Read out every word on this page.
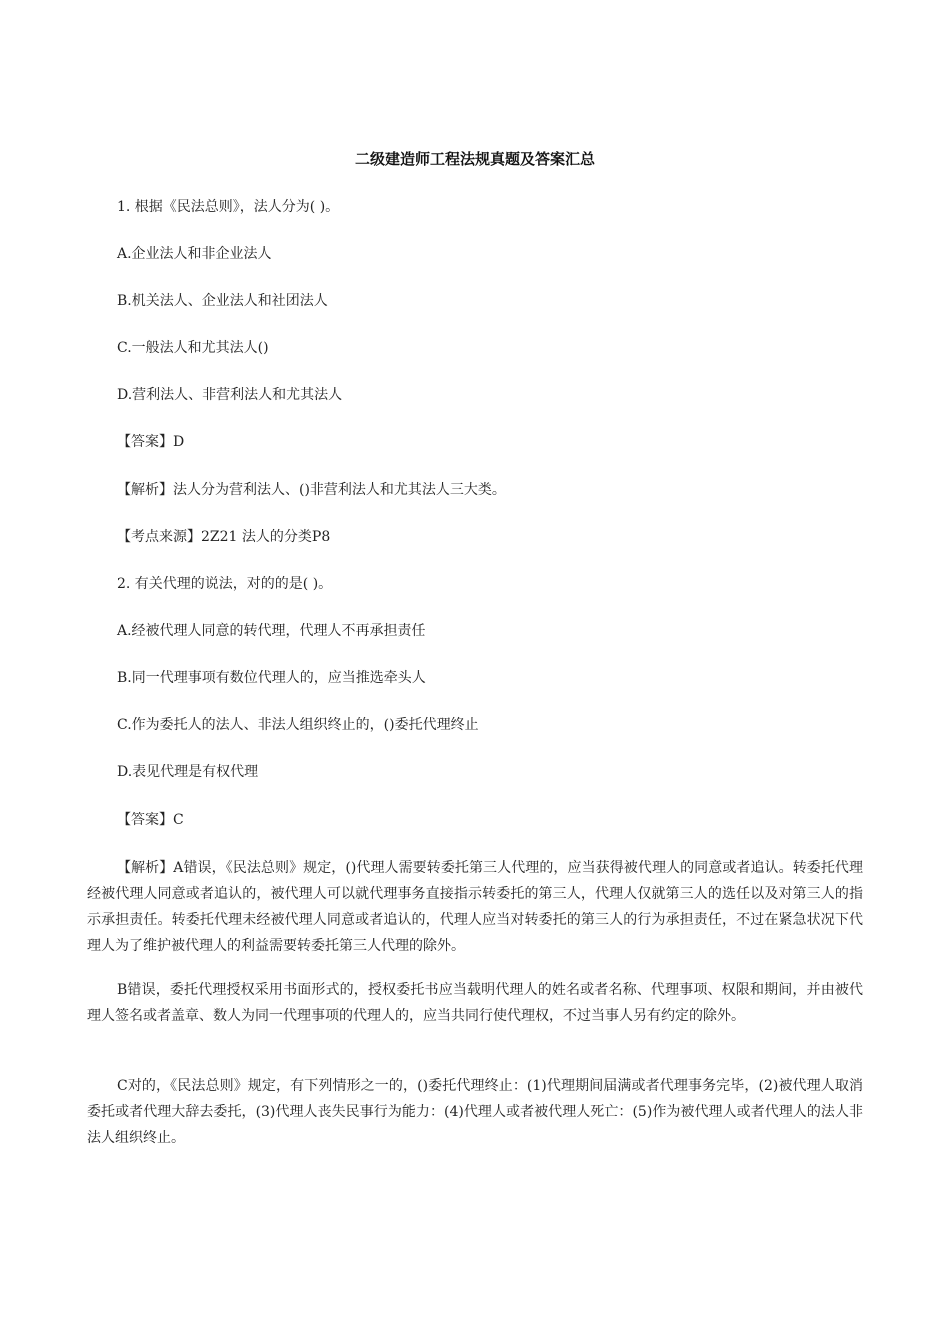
二级建造师工程法规真题及答案汇总
1. 根据《民法总则》，法人分为( )。
A.企业法人和非企业法人
B.机关法人、企业法人和社团法人
C.一般法人和尤其法人()
D.营利法人、非营利法人和尤其法人
【答案】D
【解析】法人分为营利法人、()非营利法人和尤其法人三大类。
【考点来源】2Z21 法人的分类P8
2. 有关代理的说法，对的的是( )。
A.经被代理人同意的转代理，代理人不再承担责任
B.同一代理事项有数位代理人的，应当推选牵头人
C.作为委托人的法人、非法人组织终止的，()委托代理终止
D.表见代理是有权代理
【答案】C
【解析】A错误，《民法总则》规定，()代理人需要转委托第三人代理的，应当获得被代理人的同意或者追认。转委托代理经被代理人同意或者追认的，被代理人可以就代理事务直接指示转委托的第三人，代理人仅就第三人的选任以及对第三人的指示承担责任。转委托代理未经被代理人同意或者追认的，代理人应当对转委托的第三人的行为承担责任，不过在紧急状况下代理人为了维护被代理人的利益需要转委托第三人代理的除外。
B错误，委托代理授权采用书面形式的，授权委托书应当载明代理人的姓名或者名称、代理事项、权限和期间，并由被代理人签名或者盖章、数人为同一代理事项的代理人的，应当共同行使代理权，不过当事人另有约定的除外。
C对的，《民法总则》规定，有下列情形之一的，()委托代理终止：(1)代理期间届满或者代理事务完毕，(2)被代理人取消委托或者代理大辞去委托，(3)代理人丧失民事行为能力：(4)代理人或者被代理人死亡：(5)作为被代理人或者代理人的法人非法人组织终止。
